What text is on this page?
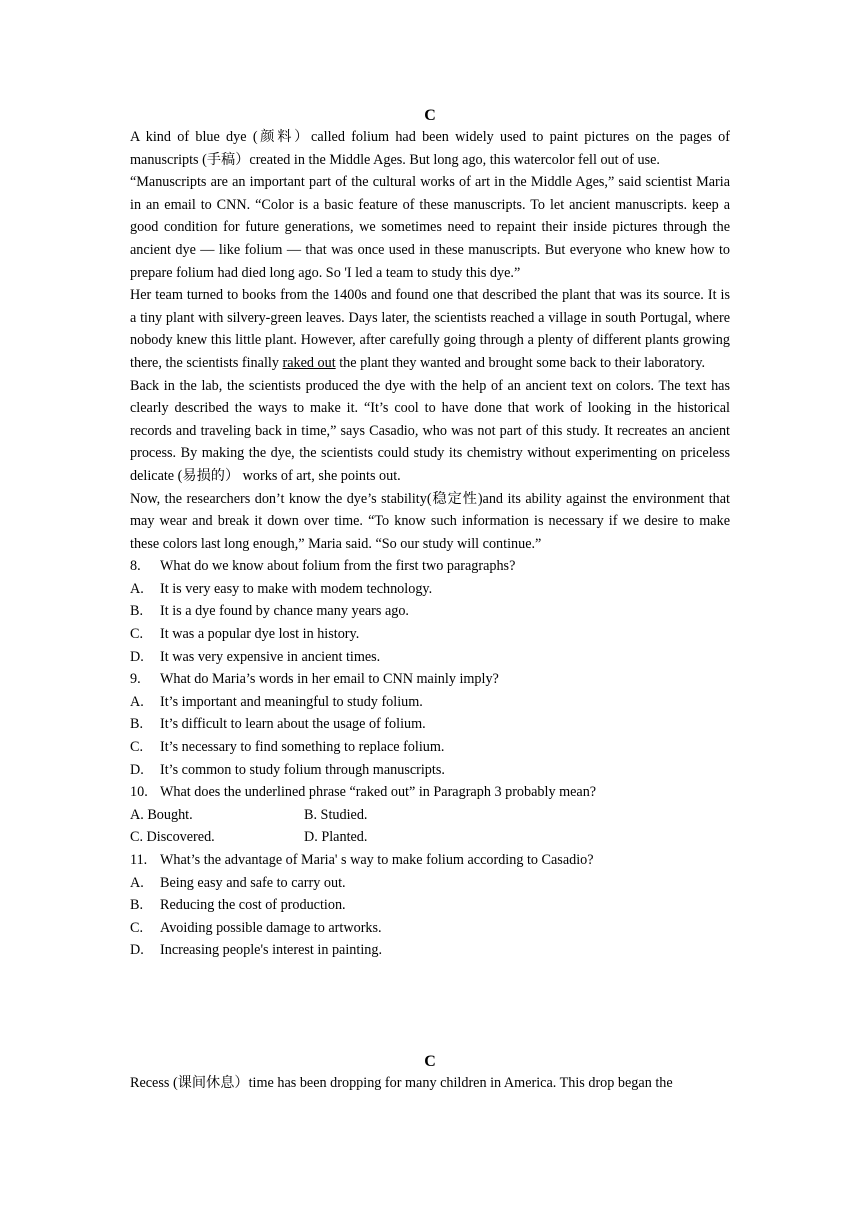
C

A kind of blue dye (颜料）called folium had been widely used to paint pictures on the pages of manuscripts (手稿）created in the Middle Ages. But long ago, this watercolor fell out of use.

“Manuscripts are an important part of the cultural works of art in the Middle Ages,” said scientist Maria in an email to CNN. “Color is a basic feature of these manuscripts. To let ancient manuscripts. keep a good condition for future generations, we sometimes need to repaint their inside pictures through the ancient dye — like folium — that was once used in these manuscripts. But everyone who knew how to prepare folium had died long ago. So 'I led a team to study this dye.”

Her team turned to books from the 1400s and found one that described the plant that was its source. It is a tiny plant with silvery-green leaves. Days later, the scientists reached a village in south Portugal, where nobody knew this little plant. However, after carefully going through a plenty of different plants growing there, the scientists finally raked out the plant they wanted and brought some back to their laboratory.

Back in the lab, the scientists produced the dye with the help of an ancient text on colors. The text has clearly described the ways to make it. “It’s cool to have done that work of looking in the historical records and traveling back in time,” says Casadio, who was not part of this study. It recreates an ancient process. By making the dye, the scientists could study its chemistry without experimenting on priceless delicate (易损的） works of art, she points out.

Now, the researchers don’t know the dye’s stability(稳定性)and its ability against the environment that may wear and break it down over time. “To know such information is necessary if we desire to make these colors last long enough,” Maria said. “So our study will continue.”

8.	What do we know about folium from the first two paragraphs?
A.	It is very easy to make with modem technology.
B.	It is a dye found by chance many years ago.
C.	It was a popular dye lost in history.
D.	It was very expensive in ancient times.
9.	What do Maria’s words in her email to CNN mainly imply?
A.	It’s important and meaningful to study folium.
B.	It’s difficult to learn about the usage of folium.
C.	It’s necessary to find something to replace folium.
D.	It’s common to study folium through manuscripts.
10. What does the underlined phrase “raked out” in Paragraph 3 probably mean?
A. Bought.	B. Studied.
C. Discovered.	D. Planted.
11. What’s the advantage of Maria' s way to make folium according to Casadio?
A.	Being easy and safe to carry out.
B.	Reducing the cost of production.
C.	Avoiding possible damage to artworks.
D.	Increasing people's interest in painting.
C

Recess (课间休息）time has been dropping for many children in America. This drop began the
